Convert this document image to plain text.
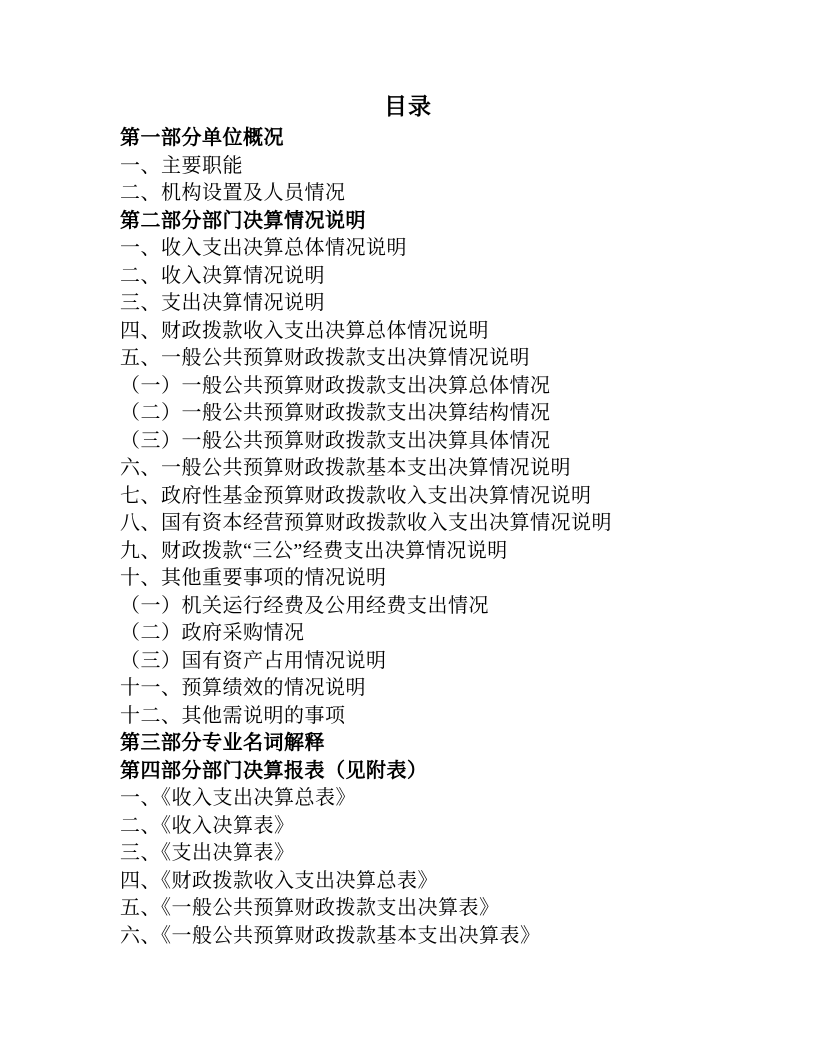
目录
第一部分单位概况
一、主要职能
二、机构设置及人员情况
第二部分部门决算情况说明
一、收入支出决算总体情况说明
二、收入决算情况说明
三、支出决算情况说明
四、财政拨款收入支出决算总体情况说明
五、一般公共预算财政拨款支出决算情况说明
（一）一般公共预算财政拨款支出决算总体情况
（二）一般公共预算财政拨款支出决算结构情况
（三）一般公共预算财政拨款支出决算具体情况
六、一般公共预算财政拨款基本支出决算情况说明
七、政府性基金预算财政拨款收入支出决算情况说明
八、国有资本经营预算财政拨款收入支出决算情况说明
九、财政拨款“三公”经费支出决算情况说明
十、其他重要事项的情况说明
（一）机关运行经费及公用经费支出情况
（二）政府采购情况
（三）国有资产占用情况说明
十一、预算绩效的情况说明
十二、其他需说明的事项
第三部分专业名词解释
第四部分部门决算报表（见附表）
一、《收入支出决算总表》
二、《收入决算表》
三、《支出决算表》
四、《财政拨款收入支出决算总表》
五、《一般公共预算财政拨款支出决算表》
六、《一般公共预算财政拨款基本支出决算表》
